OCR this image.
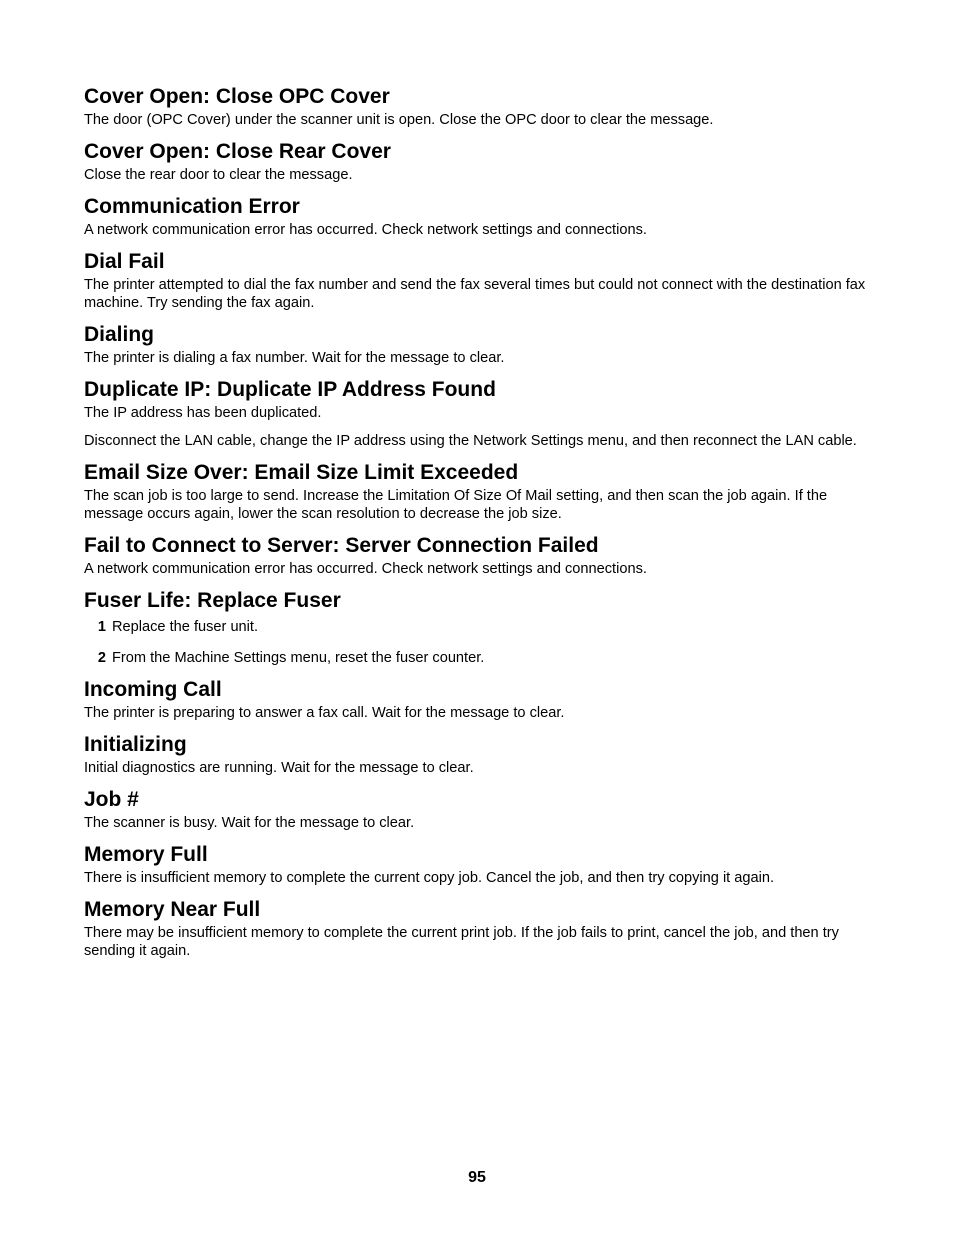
Cover Open: Close OPC Cover

The door (OPC Cover) under the scanner unit is open. Close the OPC door to clear the message.

Cover Open: Close Rear Cover

Close the rear door to clear the message.

Communication Error

A network communication error has occurred. Check network settings and connections.

Dial Fail

The printer attempted to dial the fax number and send the fax several times but could not connect with the destination fax machine. Try sending the fax again.

Dialing

The printer is dialing a fax number. Wait for the message to clear.

Duplicate IP: Duplicate IP Address Found

The IP address has been duplicated.

Disconnect the LAN cable, change the IP address using the Network Settings menu, and then reconnect the LAN cable.

Email Size Over: Email Size Limit Exceeded

The scan job is too large to send. Increase the Limitation Of Size Of Mail setting, and then scan the job again. If the message occurs again, lower the scan resolution to decrease the job size.

Fail to Connect to Server: Server Connection Failed

A network communication error has occurred. Check network settings and connections.

Fuser Life: Replace Fuser
1 Replace the fuser unit.
2 From the Machine Settings menu, reset the fuser counter.
Incoming Call

The printer is preparing to answer a fax call. Wait for the message to clear.

Initializing

Initial diagnostics are running. Wait for the message to clear.

Job #

The scanner is busy. Wait for the message to clear.

Memory Full

There is insufficient memory to complete the current copy job. Cancel the job, and then try copying it again.

Memory Near Full

There may be insufficient memory to complete the current print job. If the job fails to print, cancel the job, and then try sending it again.

95
